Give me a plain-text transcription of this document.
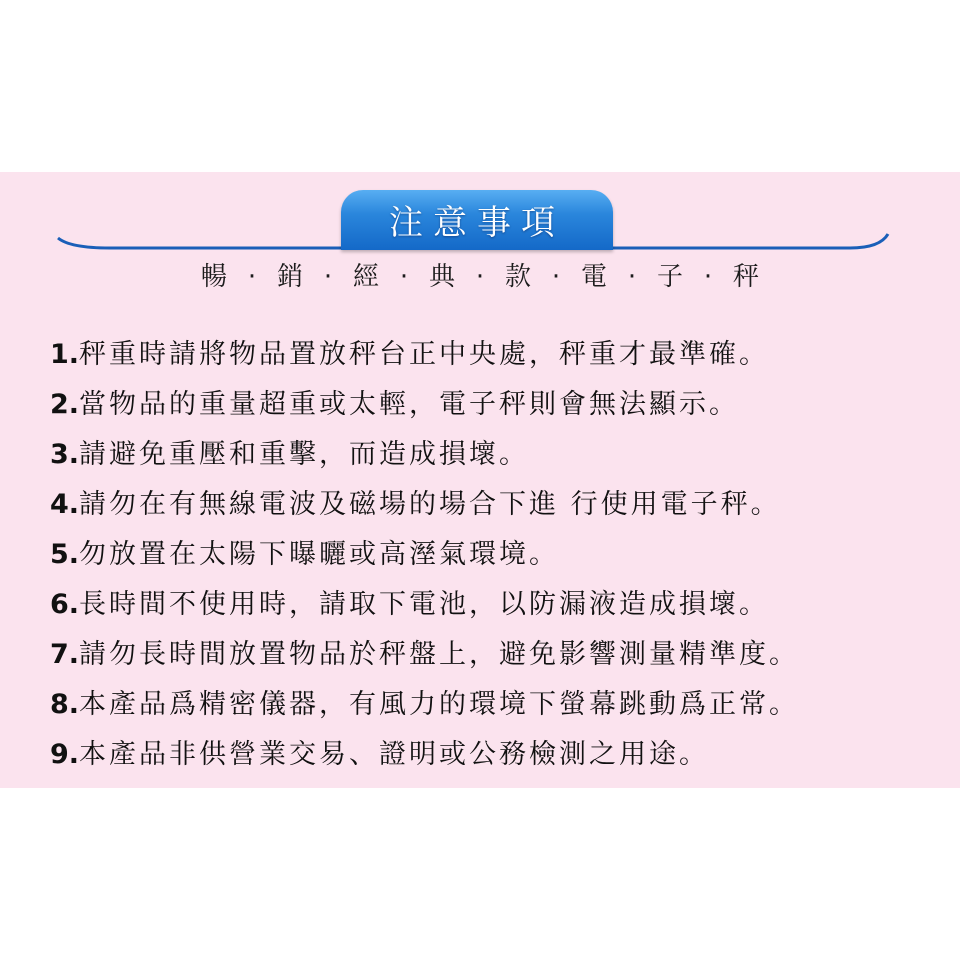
注意事項
暢 · 銷 · 經 · 典 · 款 · 電 · 子 · 秤
1.秤重時請將物品置放秤台正中央處，秤重才最準確。
2.當物品的重量超重或太輕，電子秤則會無法顯示。
3.請避免重壓和重擊，而造成損壞。
4.請勿在有無線電波及磁場的場合下進 行使用電子秤。
5.勿放置在太陽下曝曬或高溼氣環境。
6.長時間不使用時，請取下電池，以防漏液造成損壞。
7.請勿長時間放置物品於秤盤上，避免影響測量精準度。
8.本產品爲精密儀器，有風力的環境下螢幕跳動爲正常。
9.本產品非供營業交易、證明或公務檢測之用途。
